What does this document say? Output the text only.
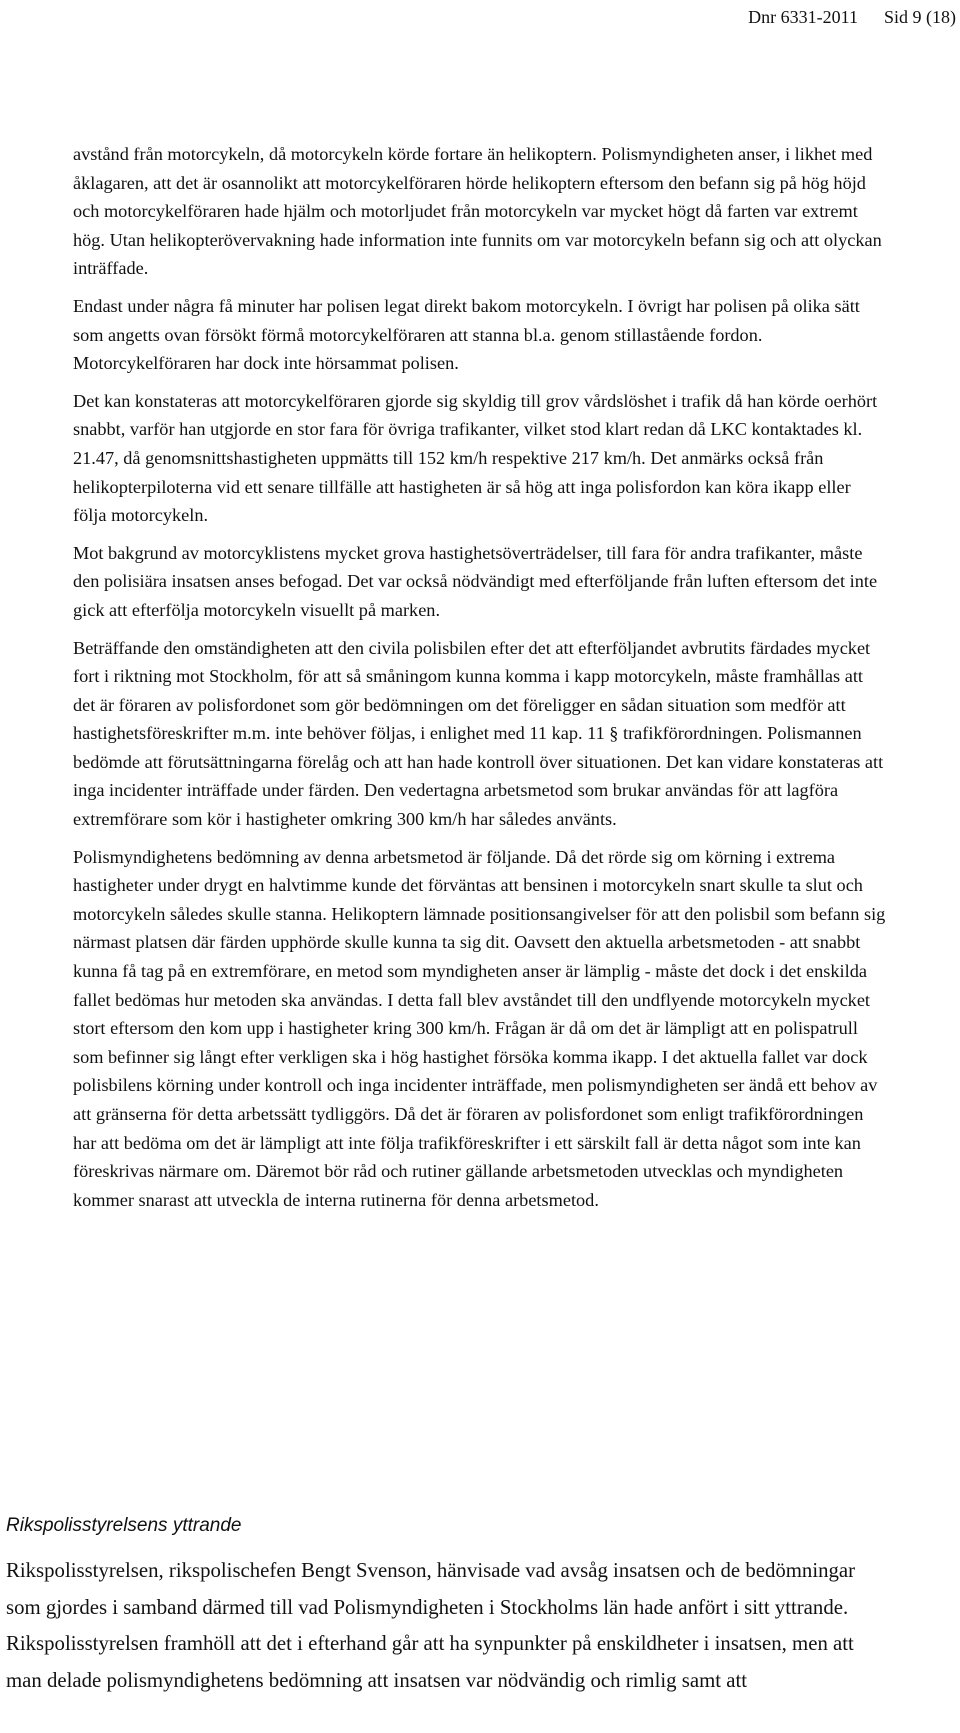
Dnr 6331-2011 Sid 9 (18)

avstånd från motorcykeln, då motorcykeln körde fortare än helikoptern. Polismyndigheten anser, i likhet med åklagaren, att det är osannolikt att motorcykelföraren hörde helikoptern eftersom den befann sig på hög höjd och motorcykelföraren hade hjälm och motorljudet från motorcykeln var mycket högt då farten var extremt hög. Utan helikopterövervakning hade information inte funnits om var motorcykeln befann sig och att olyckan inträffade.

Endast under några få minuter har polisen legat direkt bakom motorcykeln. I övrigt har polisen på olika sätt som angetts ovan försökt förmå motorcykelföraren att stanna bl.a. genom stillastående fordon. Motorcykelföraren har dock inte hörsammat polisen.

Det kan konstateras att motorcykelföraren gjorde sig skyldig till grov vårdslöshet i trafik då han körde oerhört snabbt, varför han utgjorde en stor fara för övriga trafikanter, vilket stod klart redan då LKC kontaktades kl. 21.47, då genomsnittshastigheten uppmätts till 152 km/h respektive 217 km/h. Det anmärks också från helikopterpiloterna vid ett senare tillfälle att hastigheten är så hög att inga polisfordon kan köra ikapp eller följa motorcykeln.

Mot bakgrund av motorcyklistens mycket grova hastighetsöverträdelser, till fara för andra trafikanter, måste den polisiära insatsen anses befogad. Det var också nödvändigt med efterföljande från luften eftersom det inte gick att efterfölja motorcykeln visuellt på marken.

Beträffande den omständigheten att den civila polisbilen efter det att efterföljandet avbrutits färdades mycket fort i riktning mot Stockholm, för att så småningom kunna komma i kapp motorcykeln, måste framhållas att det är föraren av polisfordonet som gör bedömningen om det föreligger en sådan situation som medför att hastighetsföreskrifter m.m. inte behöver följas, i enlighet med 11 kap. 11 § trafikförordningen. Polismannen bedömde att förutsättningarna förelåg och att han hade kontroll över situationen. Det kan vidare konstateras att inga incidenter inträffade under färden. Den vedertagna arbetsmetod som brukar användas för att lagföra extremförare som kör i hastigheter omkring 300 km/h har således använts.

Polismyndighetens bedömning av denna arbetsmetod är följande. Då det rörde sig om körning i extrema hastigheter under drygt en halvtimme kunde det förväntas att bensinen i motorcykeln snart skulle ta slut och motorcykeln således skulle stanna. Helikoptern lämnade positionsangivelser för att den polisbil som befann sig närmast platsen där färden upphörde skulle kunna ta sig dit. Oavsett den aktuella arbetsmetoden - att snabbt kunna få tag på en extremförare, en metod som myndigheten anser är lämplig - måste det dock i det enskilda fallet bedömas hur metoden ska användas. I detta fall blev avståndet till den undflyende motorcykeln mycket stort eftersom den kom upp i hastigheter kring 300 km/h. Frågan är då om det är lämpligt att en polispatrull som befinner sig långt efter verkligen ska i hög hastighet försöka komma ikapp. I det aktuella fallet var dock polisbilens körning under kontroll och inga incidenter inträffade, men polismyndigheten ser ändå ett behov av att gränserna för detta arbetssätt tydliggörs. Då det är föraren av polisfordonet som enligt trafikförordningen har att bedöma om det är lämpligt att inte följa trafikföreskrifter i ett särskilt fall är detta något som inte kan föreskrivas närmare om. Däremot bör råd och rutiner gällande arbetsmetoden utvecklas och myndigheten kommer snarast att utveckla de interna rutinerna för denna arbetsmetod.

Rikspolisstyrelsens yttrande

Rikspolisstyrelsen, rikspolischefen Bengt Svenson, hänvisade vad avsåg insatsen och de bedömningar som gjordes i samband därmed till vad Polismyndigheten i Stockholms län hade anfört i sitt yttrande. Rikspolisstyrelsen framhöll att det i efterhand går att ha synpunkter på enskildheter i insatsen, men att man delade polismyndighetens bedömning att insatsen var nödvändig och rimlig samt att
